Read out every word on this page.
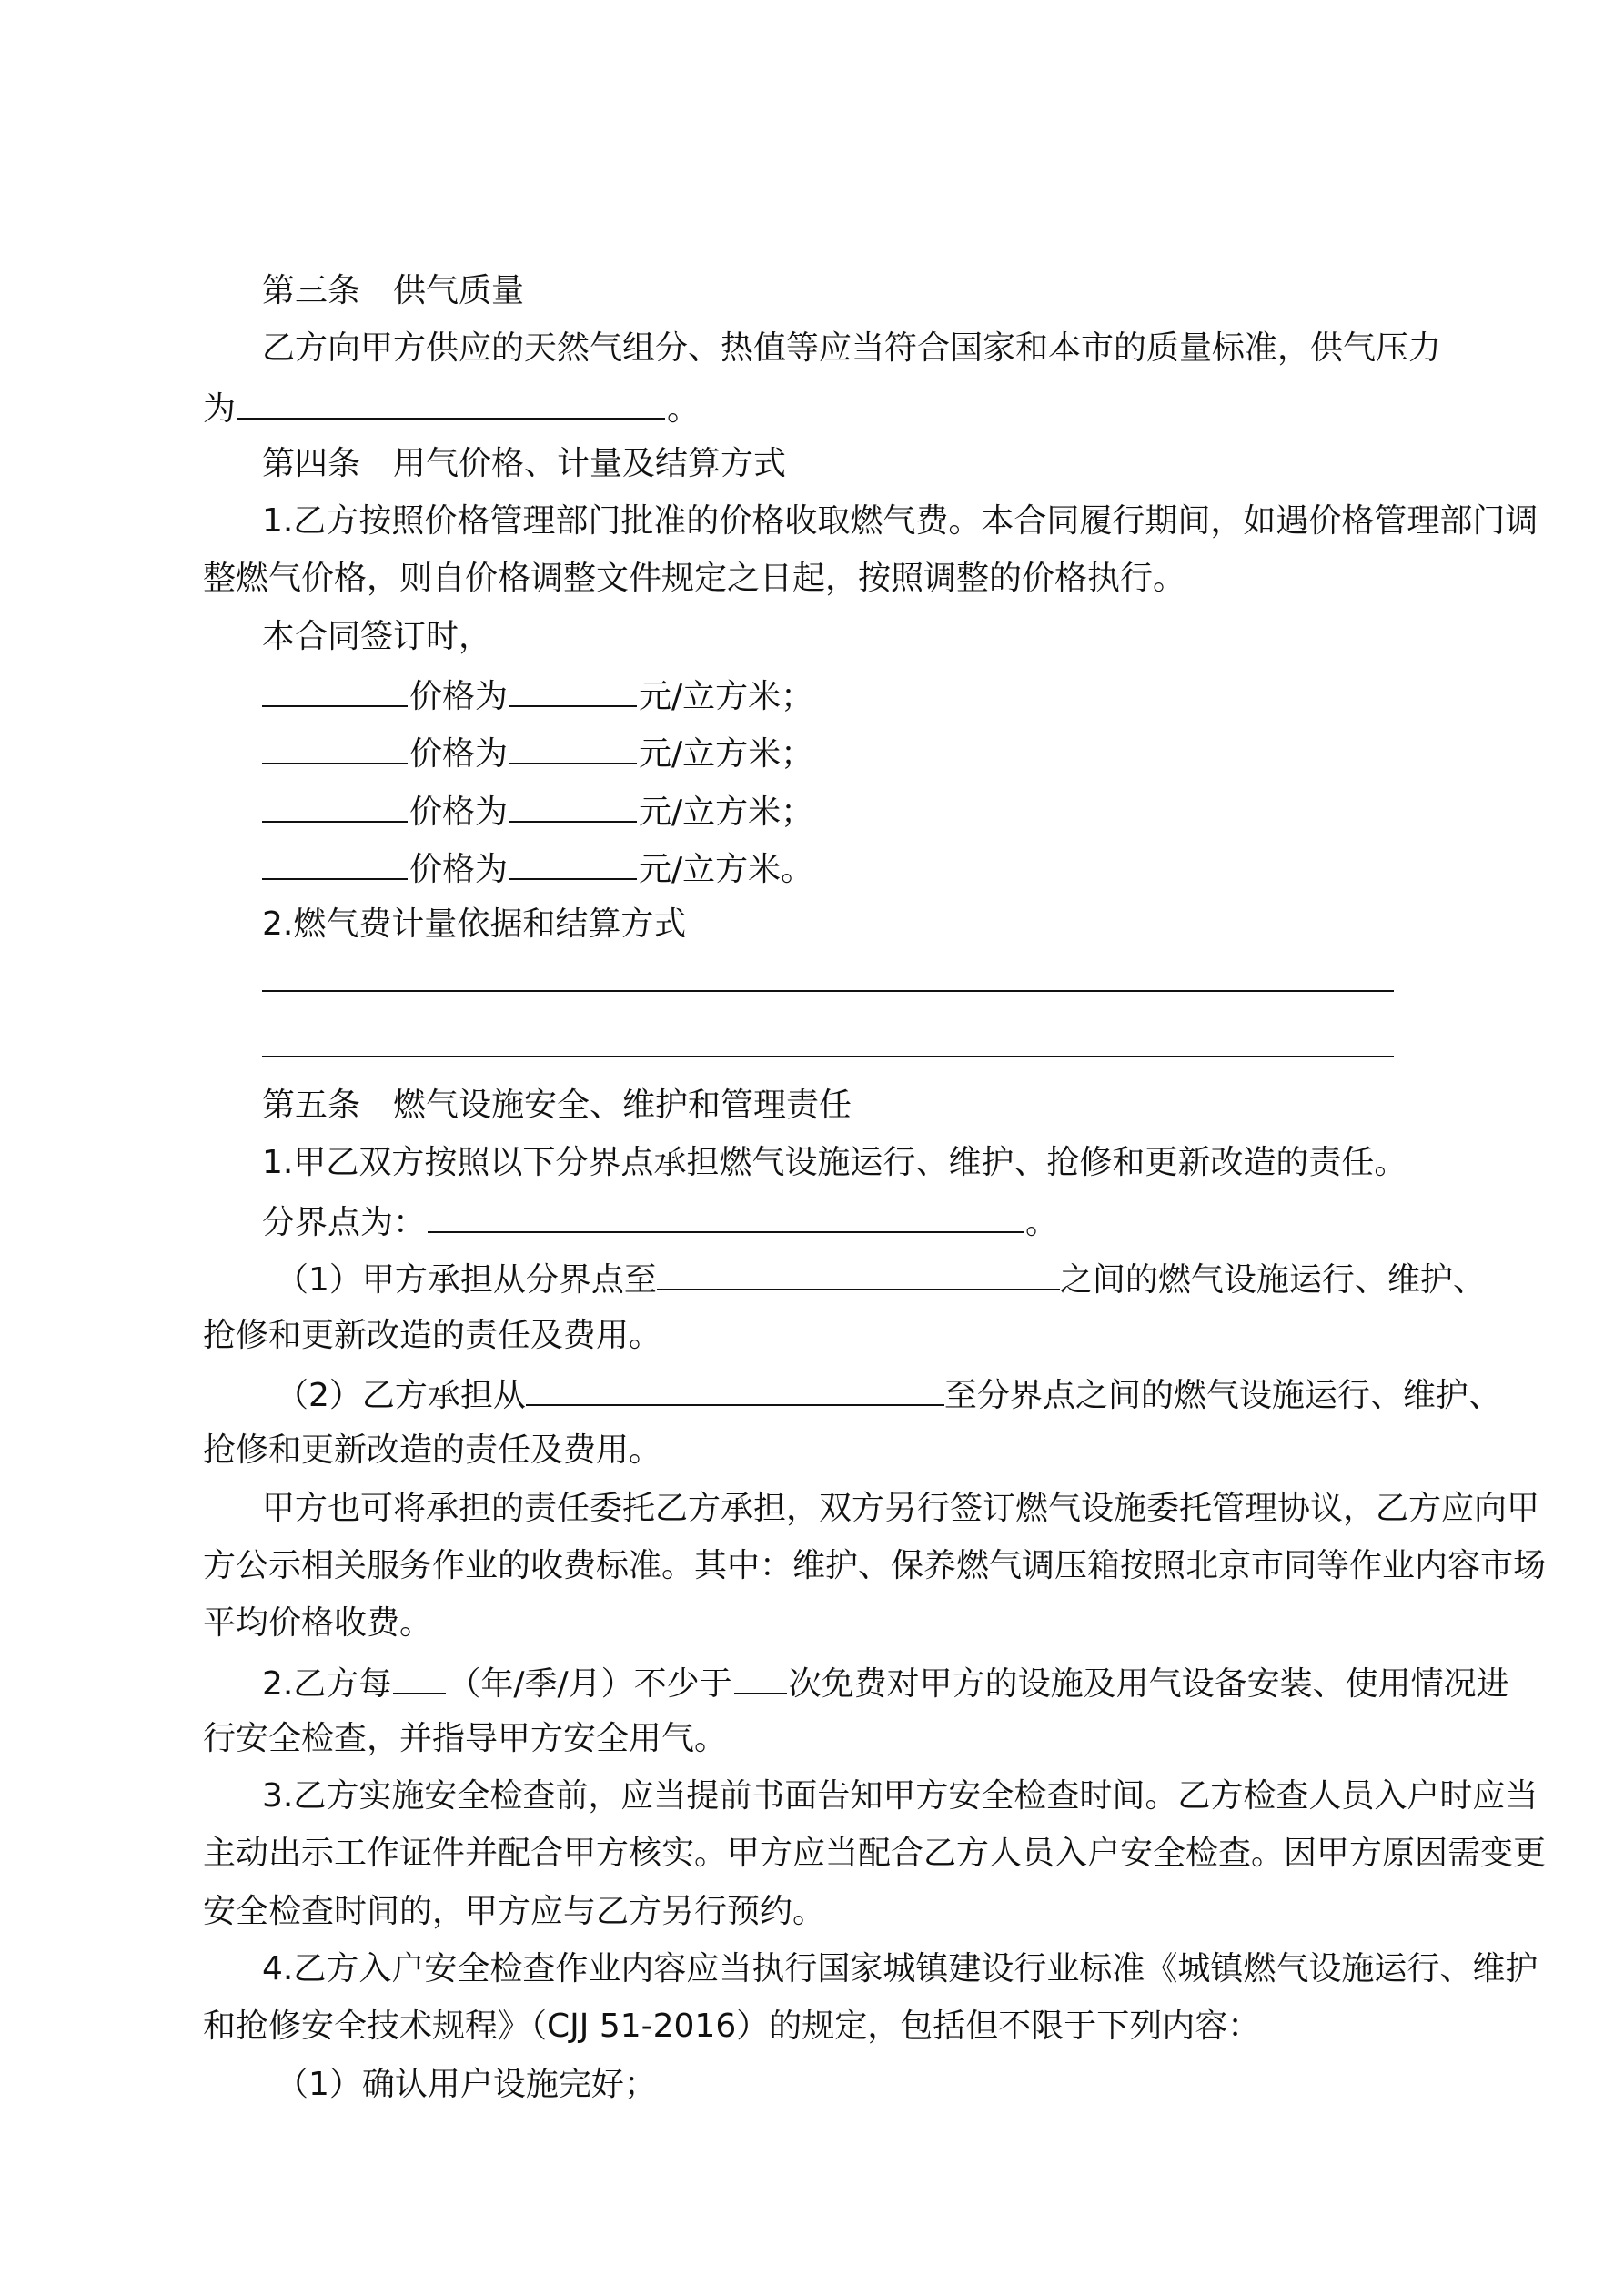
第三条　供气质量
乙方向甲方供应的天然气组分、热值等应当符合国家和本市的质量标准，供气压力
为	。
第四条　用气价格、计量及结算方式
1.乙方按照价格管理部门批准的价格收取燃气费。本合同履行期间，如遇价格管理部门调
整燃气价格，则自价格调整文件规定之日起，按照调整的价格执行。
本合同签订时，
价格为	元/立方米；
价格为	元/立方米；
价格为	元/立方米；
价格为	元/立方米。
2.燃气费计量依据和结算方式
第五条　燃气设施安全、维护和管理责任
1.甲乙双方按照以下分界点承担燃气设施运行、维护、抢修和更新改造的责任。
分界点为：	。
（1）甲方承担从分界点至	之间的燃气设施运行、维护、
抢修和更新改造的责任及费用。
（2）乙方承担从	至分界点之间的燃气设施运行、维护、
抢修和更新改造的责任及费用。
甲方也可将承担的责任委托乙方承担，双方另行签订燃气设施委托管理协议，乙方应向甲
方公示相关服务作业的收费标准。其中：维护、保养燃气调压箱按照北京市同等作业内容市场
平均价格收费。
2.乙方每 （年/季/月）不少于 次免费对甲方的设施及用气设备安装、使用情况进
行安全检查，并指导甲方安全用气。
3.乙方实施安全检查前，应当提前书面告知甲方安全检查时间。乙方检查人员入户时应当
主动出示工作证件并配合甲方核实。甲方应当配合乙方人员入户安全检查。因甲方原因需变更
安全检查时间的，甲方应与乙方另行预约。
4.乙方入户安全检查作业内容应当执行国家城镇建设行业标准《城镇燃气设施运行、维护
和抢修安全技术规程》（CJJ 51-2016）的规定，包括但不限于下列内容：
（1）确认用户设施完好；
